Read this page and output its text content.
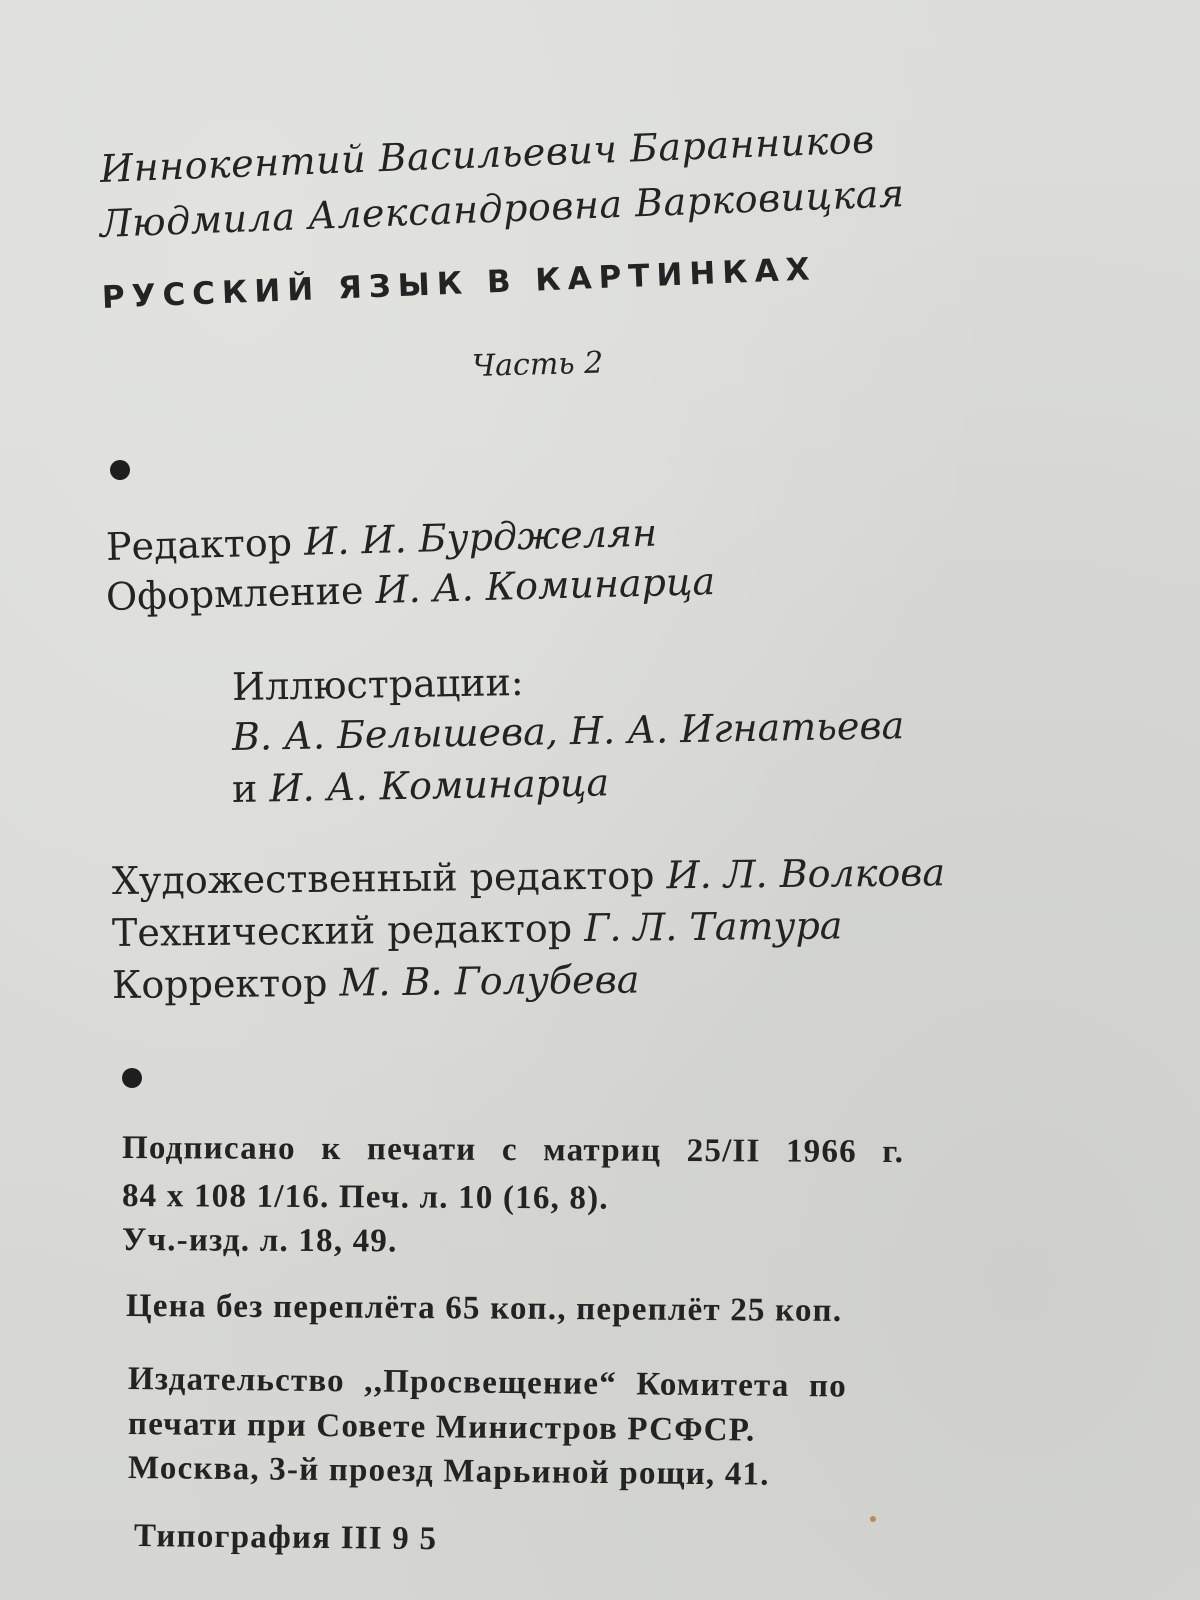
Иннокентий Васильевич Баранников
Людмила Александровна Варковицкая
РУССКИЙ ЯЗЫК В КАРТИНКАХ
Часть 2
Редактор И. И. Бурджелян
Оформление И. А. Коминарца
Иллюстрации:
В. А. Белышева, Н. А. Игнатьева
и И. А. Коминарца
Художественный редактор И. Л. Волкова
Технический редактор Г. Л. Татура
Корректор М. В. Голубева
Подписано к печати с матриц 25/II 1966 г.
84 х 108 1/16. Печ. л. 10 (16, 8).
Уч.-изд. л. 18, 49.
Цена без переплёта 65 коп., переплёт 25 коп.
Издательство ,,Просвещение“ Комитета по
печати при Совете Министров РСФСР.
Москва, 3-й проезд Марьиной рощи, 41.
Типография III 9 5
